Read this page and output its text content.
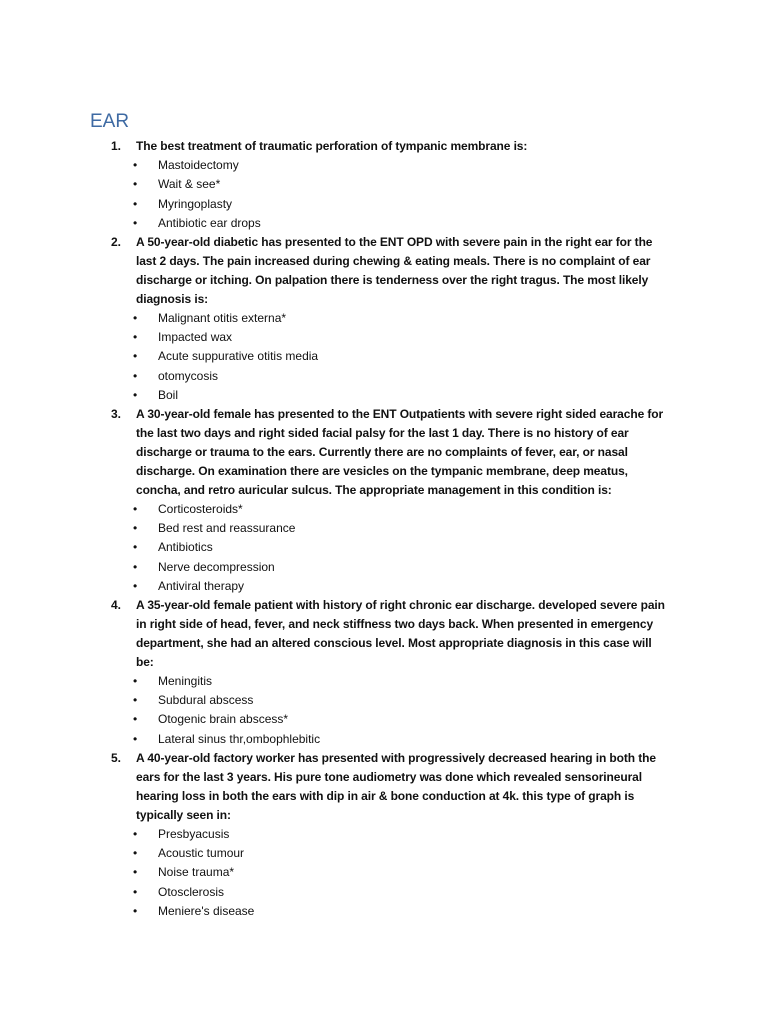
EAR
1. The best treatment of traumatic perforation of tympanic membrane is:
• Mastoidectomy
• Wait & see*
• Myringoplasty
• Antibiotic ear drops
2. A 50-year-old diabetic has presented to the ENT OPD with severe pain in the right ear for the last 2 days. The pain increased during chewing & eating meals. There is no complaint of ear discharge or itching. On palpation there is tenderness over the right tragus. The most likely diagnosis is:
• Malignant otitis externa*
• Impacted wax
• Acute suppurative otitis media
• otomycosis
• Boil
3. A 30-year-old female has presented to the ENT Outpatients with severe right sided earache for the last two days and right sided facial palsy for the last 1 day. There is no history of ear discharge or trauma to the ears. Currently there are no complaints of fever, ear, or nasal discharge. On examination there are vesicles on the tympanic membrane, deep meatus, concha, and retro auricular sulcus. The appropriate management in this condition is:
• Corticosteroids*
• Bed rest and reassurance
• Antibiotics
• Nerve decompression
• Antiviral therapy
4. A 35-year-old female patient with history of right chronic ear discharge. developed severe pain in right side of head, fever, and neck stiffness two days back. When presented in emergency department, she had an altered conscious level. Most appropriate diagnosis in this case will be:
• Meningitis
• Subdural abscess
• Otogenic brain abscess*
• Lateral sinus thr,ombophlebitic
5. A 40-year-old factory worker has presented with progressively decreased hearing in both the ears for the last 3 years. His pure tone audiometry was done which revealed sensorineural hearing loss in both the ears with dip in air & bone conduction at 4k. this type of graph is typically seen in:
• Presbyacusis
• Acoustic tumour
• Noise trauma*
• Otosclerosis
• Meniere's disease
